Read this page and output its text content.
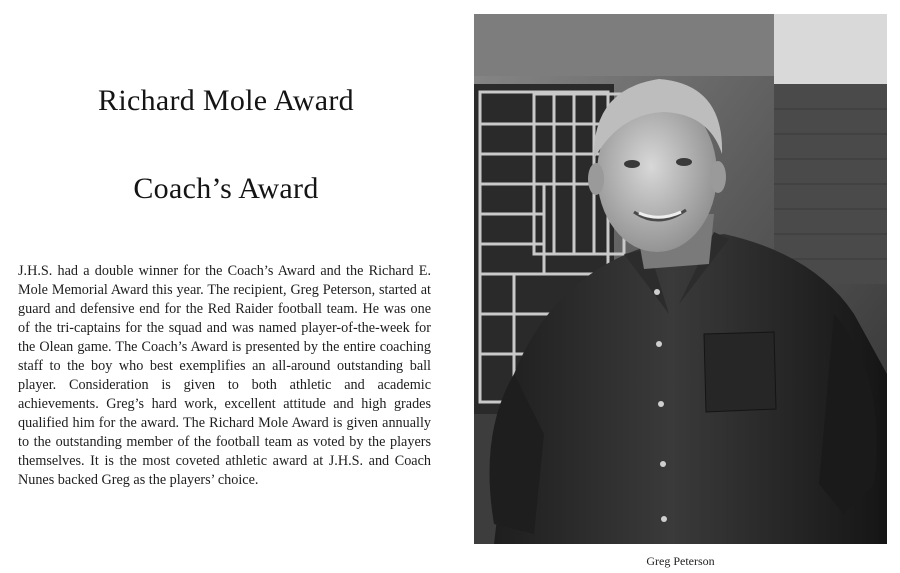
Richard Mole Award
Coach’s Award

J.H.S. had a double winner for the Coach’s Award and the Richard E. Mole Memorial Award this year. The recipient, Greg Peterson, started at guard and defensive end for the Red Raider football team. He was one of the tri-captains for the squad and was named player-of-the-week for the Olean game. The Coach’s Award is presented by the entire coaching staff to the boy who best exemplifies an all-around outstanding ball player. Consideration is given to both athletic and academic achievements. Greg’s hard work, excellent attitude and high grades qualified him for the award. The Richard Mole Award is given annually to the outstanding member of the football team as voted by the players themselves. It is the most coveted athletic award at J.H.S. and Coach Nunes backed Greg as the players’ choice.

Greg Peterson
